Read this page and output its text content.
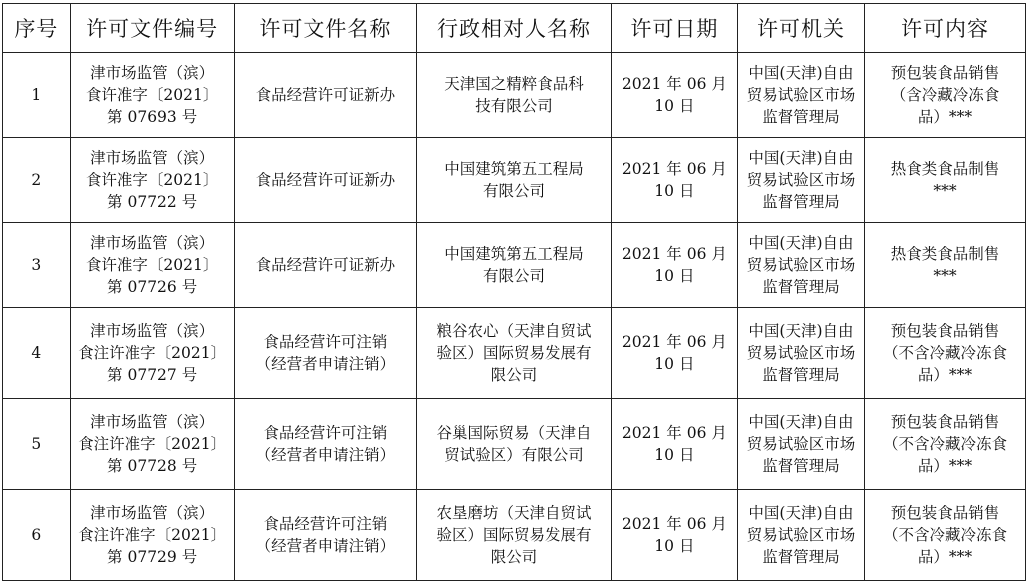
序号	许可文件编号	许可文件名称	行政相对人名称	许可日期	许可机关	许可内容
1	津市场监管（滨）
食许准字〔2021〕
第 07693 号	食品经营许可证新办	天津国之精粹食品科
技有限公司	2021 年 06 月
10 日	中国(天津)自由
贸易试验区市场
监督管理局	预包装食品销售
（含冷藏冷冻食
品）***

2	津市场监管（滨）
食许准字〔2021〕
第 07722 号	食品经营许可证新办	中国建筑第五工程局
有限公司	2021 年 06 月
10 日	中国(天津)自由
贸易试验区市场
监督管理局	热食类食品制售
***

3	津市场监管（滨）
食许准字〔2021〕
第 07726 号	食品经营许可证新办	中国建筑第五工程局
有限公司	2021 年 06 月
10 日	中国(天津)自由
贸易试验区市场
监督管理局	热食类食品制售
***

4	津市场监管（滨）
食注许准字〔2021〕
第 07727 号	食品经营许可注销
（经营者申请注销）	粮谷农心（天津自贸试
验区）国际贸易发展有
限公司	2021 年 06 月
10 日	中国(天津)自由
贸易试验区市场
监督管理局	预包装食品销售
（不含冷藏冷冻食
品）***

5	津市场监管（滨）
食注许准字〔2021〕
第 07728 号	食品经营许可注销
（经营者申请注销）	谷巢国际贸易（天津自
贸试验区）有限公司	2021 年 06 月
10 日	中国(天津)自由
贸易试验区市场
监督管理局	预包装食品销售
（不含冷藏冷冻食
品）***

6	津市场监管（滨）
食注许准字〔2021〕
第 07729 号	食品经营许可注销
（经营者申请注销）	农垦磨坊（天津自贸试
验区）国际贸易发展有
限公司	2021 年 06 月
10 日	中国(天津)自由
贸易试验区市场
监督管理局	预包装食品销售
（不含冷藏冷冻食
品）***
